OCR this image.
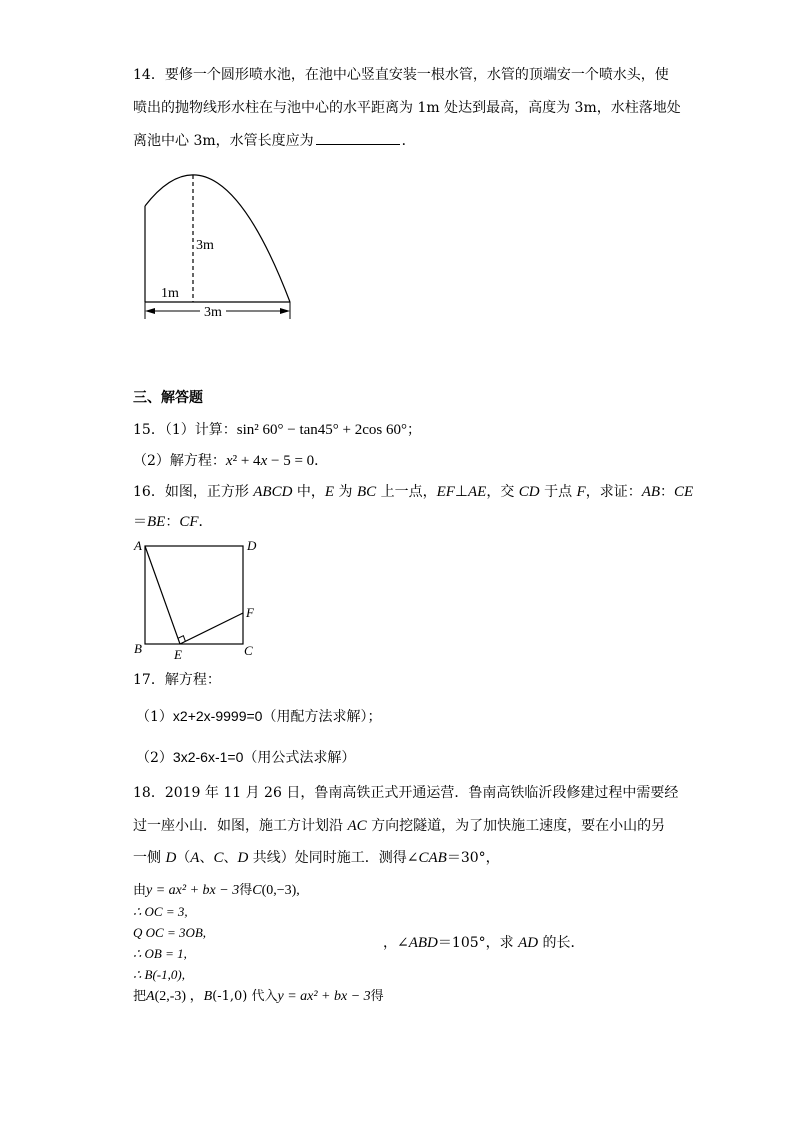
14．要修一个圆形喷水池，在池中心竖直安装一根水管，水管的顶端安一个喷水头，使
喷出的抛物线形水柱在与池中心的水平距离为 1m 处达到最高，高度为 3m，水柱落地处
离池中心 3m，水管长度应为	．
3m
1m
3m
三、解答题
15．（1）计算：sin² 60° − tan45° + 2cos 60°；
（2）解方程：x² + 4x − 5 = 0．
16．如图，正方形 ABCD 中，E 为 BC 上一点，EF⊥AE，交 CD 于点 F，求证：AB：CE
＝BE：CF．
A	D
B	C
E
F
17．解方程：
（1）x2+2x-9999=0（用配方法求解）；
（2）3x2-6x-1=0（用公式法求解）
18．2019 年 11 月 26 日，鲁南高铁正式开通运营．鲁南高铁临沂段修建过程中需要经
过一座小山．如图，施工方计划沿 AC 方向挖隧道，为了加快施工速度，要在小山的另
一侧 D（A、C、D 共线）处同时施工．测得∠CAB＝30°，
由y = ax² + bx − 3得C(0,−3),
∴ OC = 3,
Q OC = 3OB,
∴ OB = 1,
∴ B(-1,0),
把A(2,-3) ，B(-1,0) 代入y = ax² + bx − 3得
，∠ABD＝105°，求 AD 的长．
